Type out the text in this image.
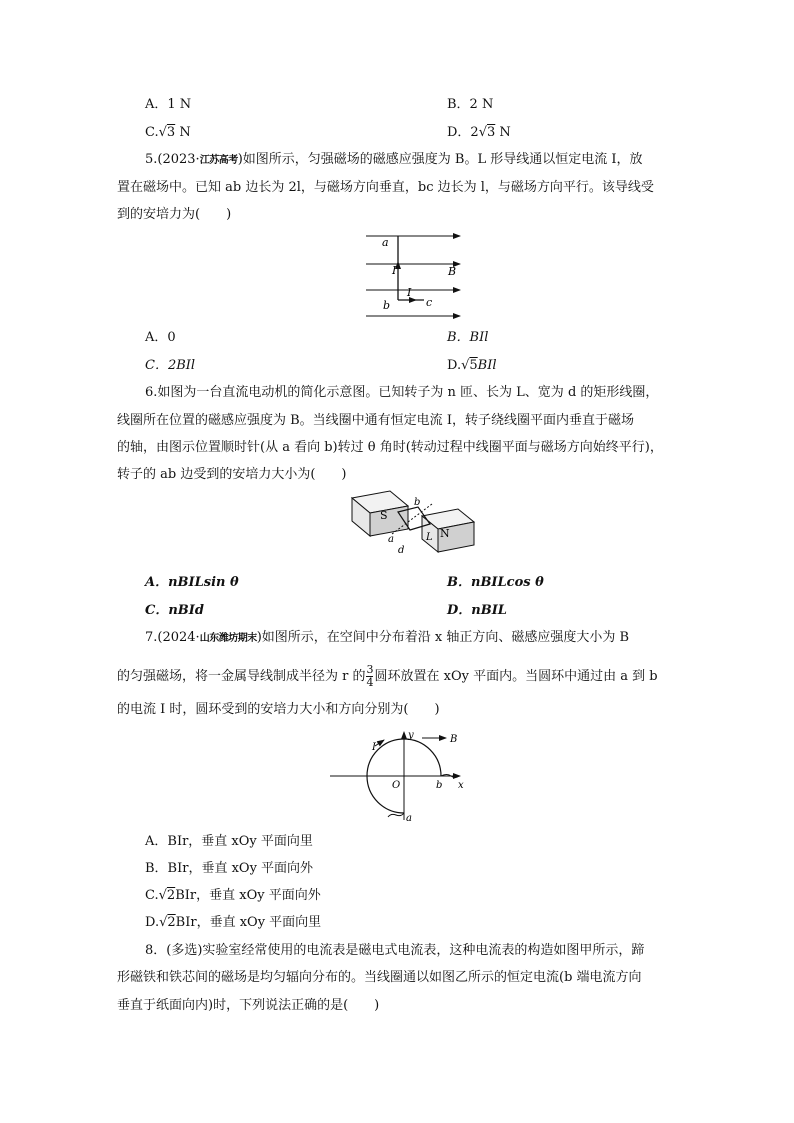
A．1 N	B．2 N
C.√3 N	D．2√3 N
5.(2023·江苏高考)如图所示，匀强磁场的磁感应强度为 B。L 形导线通以恒定电流 I，放
置在磁场中。已知 ab 边长为 2l，与磁场方向垂直，bc 边长为 l，与磁场方向平行。该导线受
到的安培力为(　　)
a
b	c
I
I
B
A．0	B．BIl
C．2BIl	D.√5BIl
6.如图为一台直流电动机的简化示意图。已知转子为 n 匝、长为 L、宽为 d 的矩形线圈，
线圈所在位置的磁感应强度为 B。当线圈中通有恒定电流 I，转子绕线圈平面内垂直于磁场
的轴，由图示位置顺时针(从 a 看向 b)转过 θ 角时(转动过程中线圈平面与磁场方向始终平行)，
转子的 ab 边受到的安培力大小为(　　)
S
N
b
a	L
d
A．nBILsin θ	B．nBILcos θ
C．nBId	D．nBIL
7.(2024·山东潍坊期末)如图所示，在空间中分布着沿 x 轴正方向、磁感应强度大小为 B
的匀强磁场，将一金属导线制成半径为 r 的 $\frac{3}{4}$ 圆环放置在 xOy 平面内。当圆环中通过由 a 到 b
的电流 I 时，圆环受到的安培力大小和方向分别为(　　)
y
x
O	b
a
I
B
A．BIr，垂直 xOy 平面向里
B．BIr，垂直 xOy 平面向外
C.√2BIr，垂直 xOy 平面向外
D.√2BIr，垂直 xOy 平面向里
8．(多选)实验室经常使用的电流表是磁电式电流表，这种电流表的构造如图甲所示，蹄
形磁铁和铁芯间的磁场是均匀辐向分布的。当线圈通以如图乙所示的恒定电流(b 端电流方向
垂直于纸面向内)时，下列说法正确的是(　　)
